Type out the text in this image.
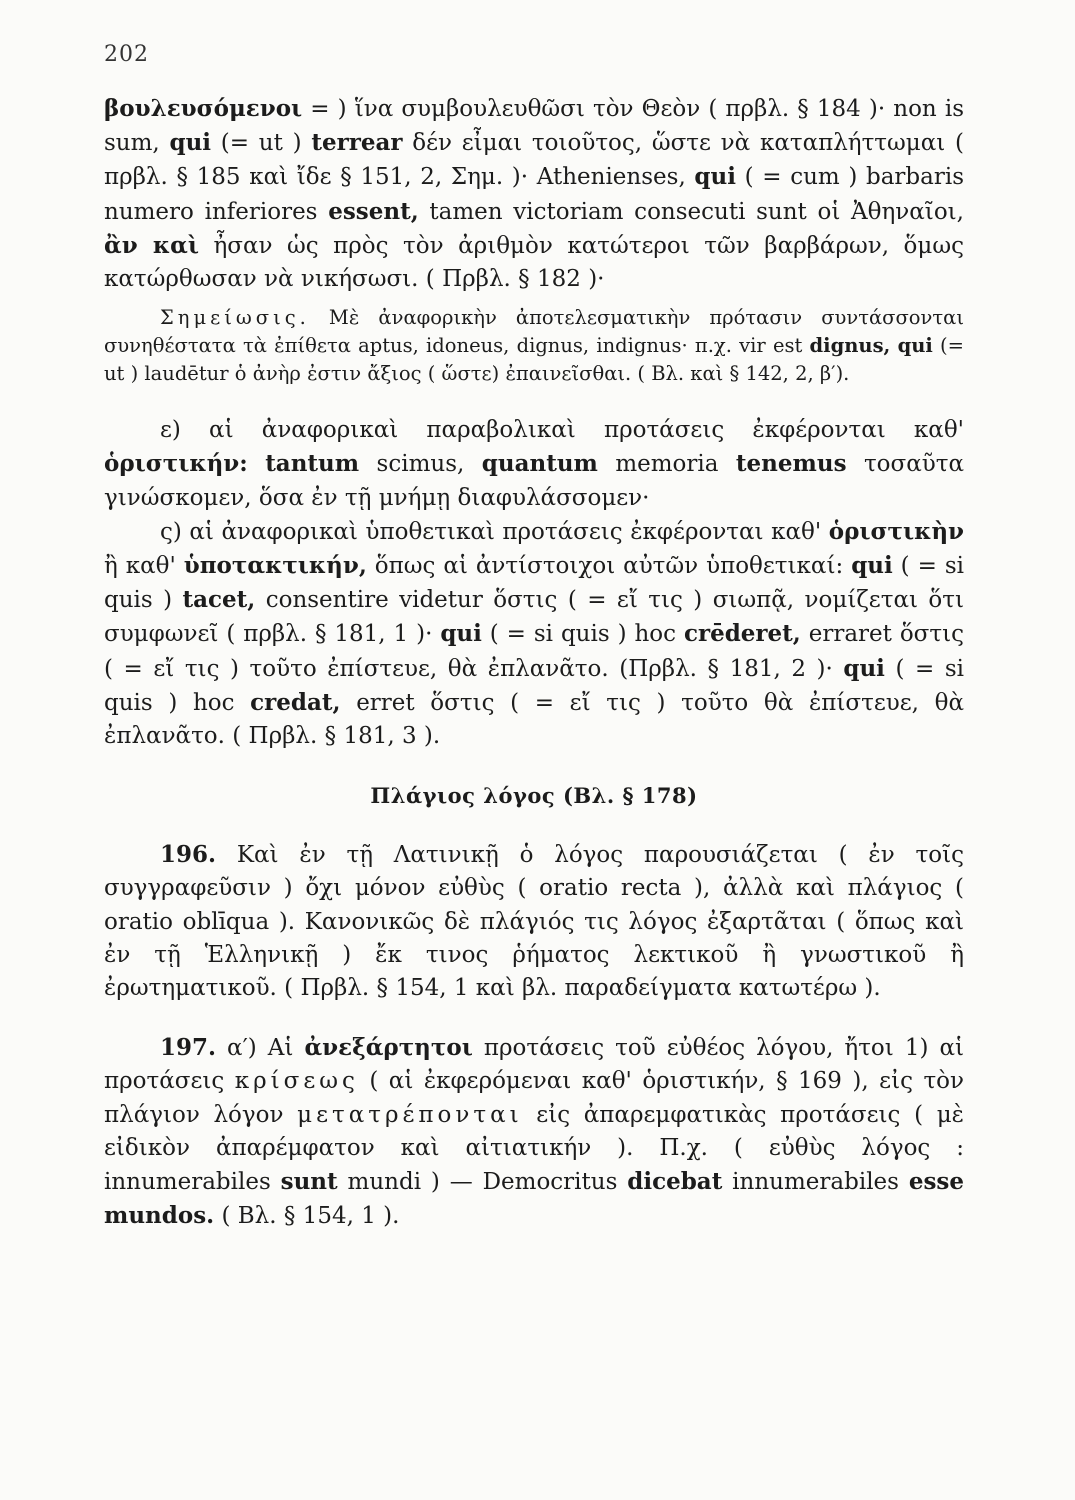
202

βουλευσόμενοι = ) ἵνα συμβουλευθῶσι τὸν Θεὸν ( πρβλ. § 184 )· non is sum, qui (= ut ) terrear δέν εἶμαι τοιοῦτος, ὥστε νὰ καταπλήττωμαι ( πρβλ. § 185 καὶ ἴδε § 151, 2, Σημ. )· Athenienses, qui ( = cum ) barbaris numero inferiores essent, tamen victoriam consecuti sunt οἱ Ἀθηναῖοι, ἂν καὶ ἦσαν ὡς πρὸς τὸν ἀριθμὸν κατώτεροι τῶν βαρβάρων, ὅμως κατώρθωσαν νὰ νικήσωσι. ( Πρβλ. § 182 )·

Σημείωσις. Μὲ ἀναφορικὴν ἀποτελεσματικὴν πρότασιν συντάσσονται συνηθέστατα τὰ ἐπίθετα aptus, idoneus, dignus, indignus· π.χ. vir est dignus, qui (= ut ) laudētur ὁ ἀνὴρ ἐστιν ἄξιος ( ὥστε) ἐπαινεῖσθαι. ( Βλ. καὶ § 142, 2, β′).

ε) αἱ ἀναφορικαὶ παραβολικαὶ προτάσεις ἐκφέρονται καθ' ὁριστικήν: tantum scimus, quantum memoria tenemus τοσαῦτα γινώσκομεν, ὅσα ἐν τῇ μνήμῃ διαφυλάσσομεν·

ς) αἱ ἀναφορικαὶ ὑποθετικαὶ προτάσεις ἐκφέρονται καθ' ὁριστικὴν ἢ καθ' ὑποτακτικήν, ὅπως αἱ ἀντίστοιχοι αὐτῶν ὑποθετικαί: qui ( = si quis ) tacet, consentire videtur ὅστις ( = εἴ τις ) σιωπᾷ, νομίζεται ὅτι συμφωνεῖ ( πρβλ. § 181, 1 )· qui ( = si quis ) hoc crēderet, erraret ὅστις ( = εἴ τις ) τοῦτο ἐπίστευε, θὰ ἐπλανᾶτο. (Πρβλ. § 181, 2 )· qui ( = si quis ) hoc credat, erret ὅστις ( = εἴ τις ) τοῦτο θὰ ἐπίστευε, θὰ ἐπλανᾶτο. ( Πρβλ. § 181, 3 ).

Πλάγιος λόγος (Βλ. § 178)

196. Καὶ ἐν τῇ Λατινικῇ ὁ λόγος παρουσιάζεται ( ἐν τοῖς συγγραφεῦσιν ) ὄχι μόνον εὐθὺς ( oratio recta ), ἀλλὰ καὶ πλάγιος ( oratio oblīqua ). Κανονικῶς δὲ πλάγιός τις λόγος ἐξαρτᾶται ( ὅπως καὶ ἐν τῇ Ἑλληνικῇ ) ἔκ τινος ῥήματος λεκτικοῦ ἢ γνωστικοῦ ἢ ἐρωτηματικοῦ. ( Πρβλ. § 154, 1 καὶ βλ. παραδείγματα κατωτέρω ).

197. α′) Αἱ ἀνεξάρτητοι προτάσεις τοῦ εὐθέος λόγου, ἤτοι 1) αἱ προτάσεις κρίσεως ( αἱ ἐκφερόμεναι καθ' ὁριστικήν, § 169 ), εἰς τὸν πλάγιον λόγον μετατρέπονται εἰς ἀπαρεμφατικὰς προτάσεις ( μὲ εἰδικὸν ἀπαρέμφατον καὶ αἰτιατικήν ). Π.χ. ( εὐθὺς λόγος : innumerabiles sunt mundi ) — Democritus dicebat innumerabiles esse mundos. ( Βλ. § 154, 1 ).
